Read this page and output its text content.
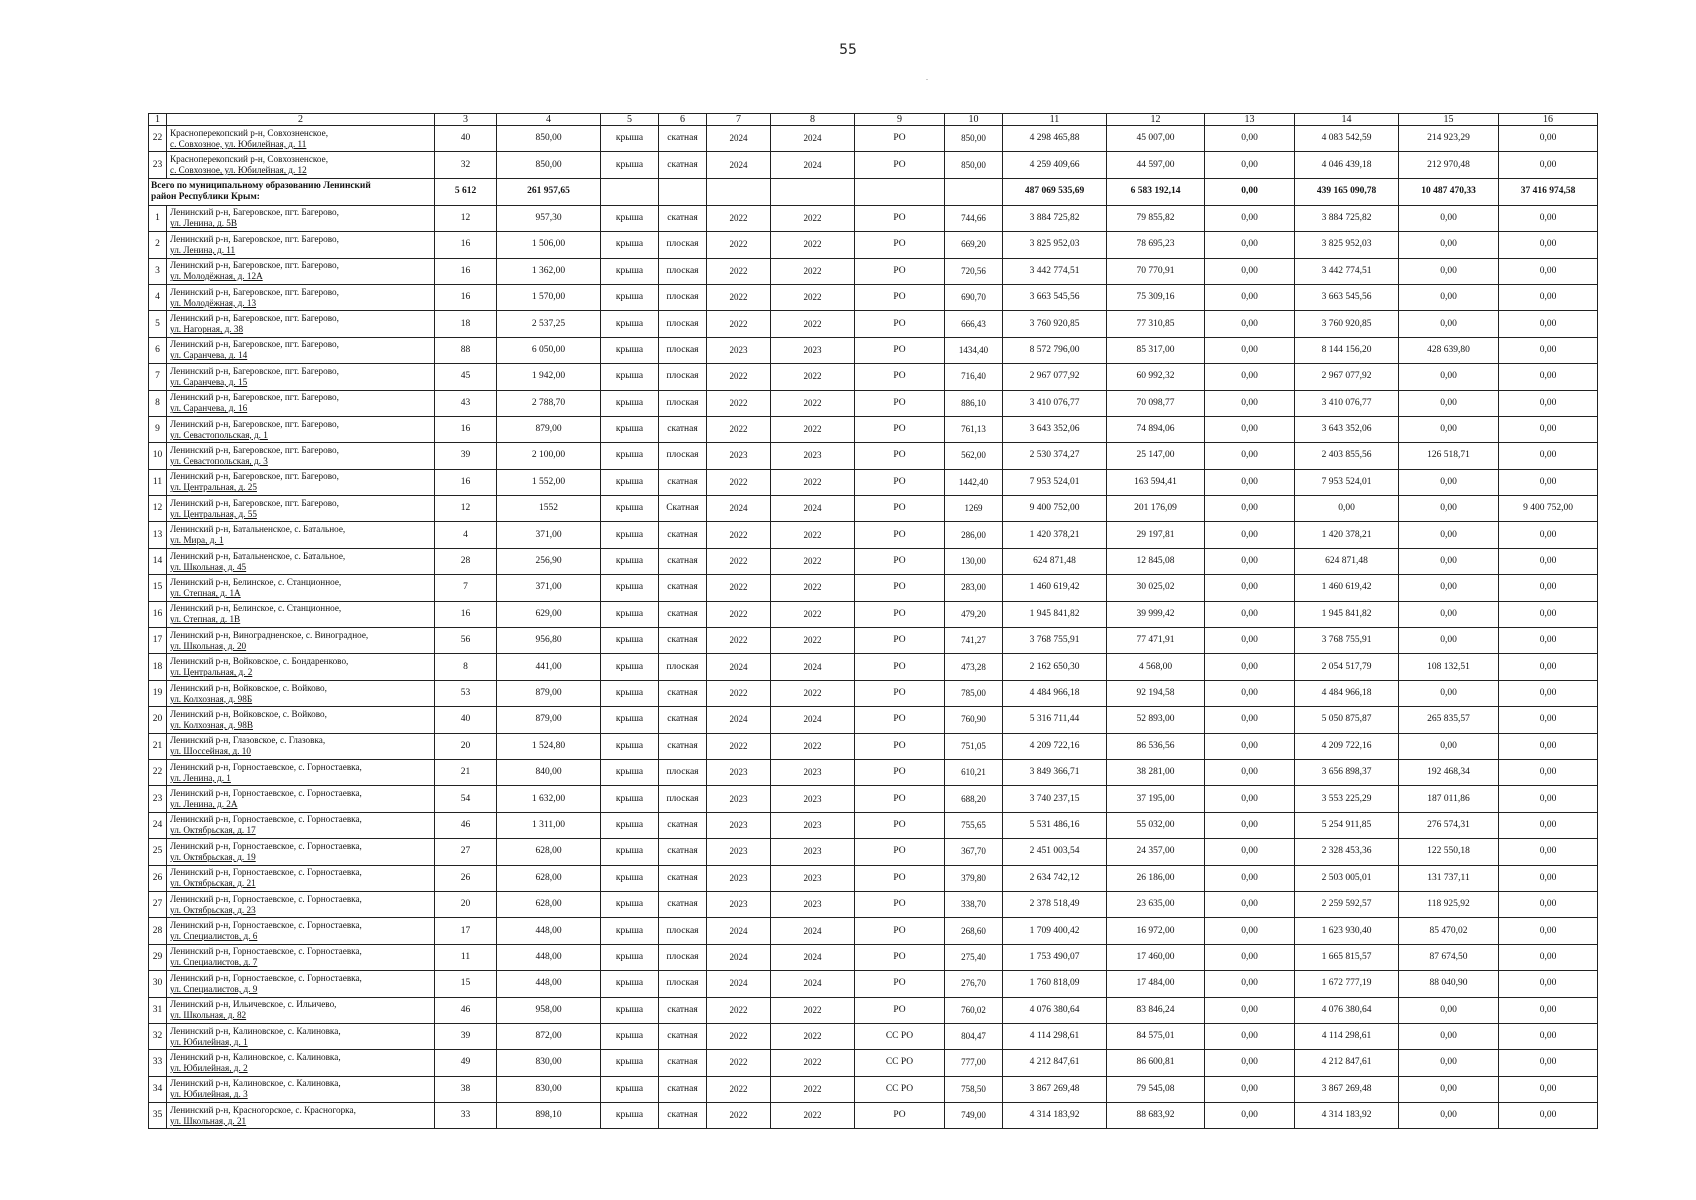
55
.
1	2	3	4	5	6	7	8	9	10	11	12	13	14	15	16
22	Красноперекопский р-н, Совхозненское,
с. Совхозное, ул. Юбилейная, д. 11	40	850,00	крыша	скатная	2024	2024	РО	850,00	4 298 465,88	45 007,00	0,00	4 083 542,59	214 923,29	0,00
23	Красноперекопский р-н, Совхозненское,
с. Совхозное, ул. Юбилейная, д. 12	32	850,00	крыша	скатная	2024	2024	РО	850,00	4 259 409,66	44 597,00	0,00	4 046 439,18	212 970,48	0,00

Всего по муниципальному образованию Ленинский
район Республики Крым:		5 612	261 957,65							487 069 535,69	6 583 192,14	0,00	439 165 090,78	10 487 470,33	37 416 974,58
1	Ленинский р-н, Багеровское, пгт. Багерово,
ул. Ленина, д. 5В	12	957,30	крыша	скатная	2022	2022	РО	744,66	3 884 725,82	79 855,82	0,00	3 884 725,82	0,00	0,00
2	Ленинский р-н, Багеровское, пгт. Багерово,
ул. Ленина, д. 11	16	1 506,00	крыша	плоская	2022	2022	РО	669,20	3 825 952,03	78 695,23	0,00	3 825 952,03	0,00	0,00
3	Ленинский р-н, Багеровское, пгт. Багерово,
ул. Молодёжная, д. 12А	16	1 362,00	крыша	плоская	2022	2022	РО	720,56	3 442 774,51	70 770,91	0,00	3 442 774,51	0,00	0,00
4	Ленинский р-н, Багеровское, пгт. Багерово,
ул. Молодёжная, д. 13	16	1 570,00	крыша	плоская	2022	2022	РО	690,70	3 663 545,56	75 309,16	0,00	3 663 545,56	0,00	0,00
5	Ленинский р-н, Багеровское, пгт. Багерово,
ул. Нагорная, д. 38	18	2 537,25	крыша	плоская	2022	2022	РО	666,43	3 760 920,85	77 310,85	0,00	3 760 920,85	0,00	0,00
6	Ленинский р-н, Багеровское, пгт. Багерово,
ул. Саранчева, д. 14	88	6 050,00	крыша	плоская	2023	2023	РО	1434,40	8 572 796,00	85 317,00	0,00	8 144 156,20	428 639,80	0,00
7	Ленинский р-н, Багеровское, пгт. Багерово,
ул. Саранчева, д. 15	45	1 942,00	крыша	плоская	2022	2022	РО	716,40	2 967 077,92	60 992,32	0,00	2 967 077,92	0,00	0,00
8	Ленинский р-н, Багеровское, пгт. Багерово,
ул. Саранчева, д. 16	43	2 788,70	крыша	плоская	2022	2022	РО	886,10	3 410 076,77	70 098,77	0,00	3 410 076,77	0,00	0,00
9	Ленинский р-н, Багеровское, пгт. Багерово,
ул. Севастопольская, д. 1	16	879,00	крыша	скатная	2022	2022	РО	761,13	3 643 352,06	74 894,06	0,00	3 643 352,06	0,00	0,00
10	Ленинский р-н, Багеровское, пгт. Багерово,
ул. Севастопольская, д. 3	39	2 100,00	крыша	плоская	2023	2023	РО	562,00	2 530 374,27	25 147,00	0,00	2 403 855,56	126 518,71	0,00
11	Ленинский р-н, Багеровское, пгт. Багерово,
ул. Центральная, д. 25	16	1 552,00	крыша	скатная	2022	2022	РО	1442,40	7 953 524,01	163 594,41	0,00	7 953 524,01	0,00	0,00
12	Ленинский р-н, Багеровское, пгт. Багерово,
ул. Центральная, д. 55	12	1552	крыша	Скатная	2024	2024	РО	1269	9 400 752,00	201 176,09	0,00	0,00	0,00	9 400 752,00
13	Ленинский р-н, Батальненское, с. Батальное,
ул. Мира, д. 1	4	371,00	крыша	скатная	2022	2022	РО	286,00	1 420 378,21	29 197,81	0,00	1 420 378,21	0,00	0,00
14	Ленинский р-н, Батальненское, с. Батальное,
ул. Школьная, д. 45	28	256,90	крыша	скатная	2022	2022	РО	130,00	624 871,48	12 845,08	0,00	624 871,48	0,00	0,00
15	Ленинский р-н, Белинское, с. Станционное,
ул. Степная, д. 1А	7	371,00	крыша	скатная	2022	2022	РО	283,00	1 460 619,42	30 025,02	0,00	1 460 619,42	0,00	0,00
16	Ленинский р-н, Белинское, с. Станционное,
ул. Степная, д. 1В	16	629,00	крыша	скатная	2022	2022	РО	479,20	1 945 841,82	39 999,42	0,00	1 945 841,82	0,00	0,00
17	Ленинский р-н, Виноградненское, с. Виноградное,
ул. Школьная, д. 20	56	956,80	крыша	скатная	2022	2022	РО	741,27	3 768 755,91	77 471,91	0,00	3 768 755,91	0,00	0,00
18	Ленинский р-н, Войковское, с. Бондаренково,
ул. Центральная, д. 2	8	441,00	крыша	плоская	2024	2024	РО	473,28	2 162 650,30	4 568,00	0,00	2 054 517,79	108 132,51	0,00
19	Ленинский р-н, Войковское, с. Войково,
ул. Колхозная, д. 98Б	53	879,00	крыша	скатная	2022	2022	РО	785,00	4 484 966,18	92 194,58	0,00	4 484 966,18	0,00	0,00
20	Ленинский р-н, Войковское, с. Войково,
ул. Колхозная, д. 98В	40	879,00	крыша	скатная	2024	2024	РО	760,90	5 316 711,44	52 893,00	0,00	5 050 875,87	265 835,57	0,00
21	Ленинский р-н, Глазовское, с. Глазовка,
ул. Шоссейная, д. 10	20	1 524,80	крыша	скатная	2022	2022	РО	751,05	4 209 722,16	86 536,56	0,00	4 209 722,16	0,00	0,00
22	Ленинский р-н, Горностаевское, с. Горностаевка,
ул. Ленина, д. 1	21	840,00	крыша	плоская	2023	2023	РО	610,21	3 849 366,71	38 281,00	0,00	3 656 898,37	192 468,34	0,00
23	Ленинский р-н, Горностаевское, с. Горностаевка,
ул. Ленина, д. 2А	54	1 632,00	крыша	плоская	2023	2023	РО	688,20	3 740 237,15	37 195,00	0,00	3 553 225,29	187 011,86	0,00
24	Ленинский р-н, Горностаевское, с. Горностаевка,
ул. Октябрьская, д. 17	46	1 311,00	крыша	скатная	2023	2023	РО	755,65	5 531 486,16	55 032,00	0,00	5 254 911,85	276 574,31	0,00
25	Ленинский р-н, Горностаевское, с. Горностаевка,
ул. Октябрьская, д. 19	27	628,00	крыша	скатная	2023	2023	РО	367,70	2 451 003,54	24 357,00	0,00	2 328 453,36	122 550,18	0,00
26	Ленинский р-н, Горностаевское, с. Горностаевка,
ул. Октябрьская, д. 21	26	628,00	крыша	скатная	2023	2023	РО	379,80	2 634 742,12	26 186,00	0,00	2 503 005,01	131 737,11	0,00
27	Ленинский р-н, Горностаевское, с. Горностаевка,
ул. Октябрьская, д. 23	20	628,00	крыша	скатная	2023	2023	РО	338,70	2 378 518,49	23 635,00	0,00	2 259 592,57	118 925,92	0,00
28	Ленинский р-н, Горностаевское, с. Горностаевка,
ул. Специалистов, д. 6	17	448,00	крыша	плоская	2024	2024	РО	268,60	1 709 400,42	16 972,00	0,00	1 623 930,40	85 470,02	0,00
29	Ленинский р-н, Горностаевское, с. Горностаевка,
ул. Специалистов, д. 7	11	448,00	крыша	плоская	2024	2024	РО	275,40	1 753 490,07	17 460,00	0,00	1 665 815,57	87 674,50	0,00
30	Ленинский р-н, Горностаевское, с. Горностаевка,
ул. Специалистов, д. 9	15	448,00	крыша	плоская	2024	2024	РО	276,70	1 760 818,09	17 484,00	0,00	1 672 777,19	88 040,90	0,00
31	Ленинский р-н, Ильичевское, с. Ильичево,
ул. Школьная, д. 82	46	958,00	крыша	скатная	2022	2022	РО	760,02	4 076 380,64	83 846,24	0,00	4 076 380,64	0,00	0,00
32	Ленинский р-н, Калиновское, с. Калиновка,
ул. Юбилейная, д. 1	39	872,00	крыша	скатная	2022	2022	СС РО	804,47	4 114 298,61	84 575,01	0,00	4 114 298,61	0,00	0,00
33	Ленинский р-н, Калиновское, с. Калиновка,
ул. Юбилейная, д. 2	49	830,00	крыша	скатная	2022	2022	СС РО	777,00	4 212 847,61	86 600,81	0,00	4 212 847,61	0,00	0,00
34	Ленинский р-н, Калиновское, с. Калиновка,
ул. Юбилейная, д. 3	38	830,00	крыша	скатная	2022	2022	СС РО	758,50	3 867 269,48	79 545,08	0,00	3 867 269,48	0,00	0,00
35	Ленинский р-н, Красногорское, с. Красногорка,
ул. Школьная, д. 21	33	898,10	крыша	скатная	2022	2022	РО	749,00	4 314 183,92	88 683,92	0,00	4 314 183,92	0,00	0,00
